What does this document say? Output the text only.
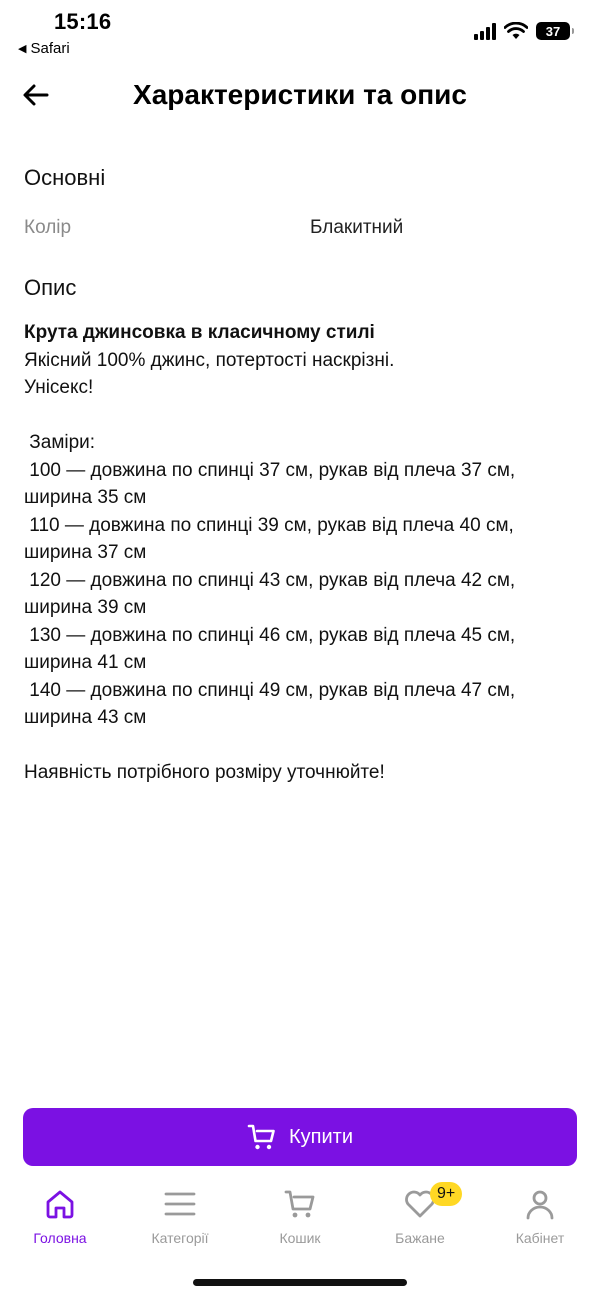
15:16
◀ Safari
37
Характеристики та опис
Основні
Колір	Блакитний
Опис
Крута джинсовка в класичному стилі
Якісний 100% джинс, потертості наскрізні.
Унісекс!
Заміри:
100 — довжина по спинці 37 см, рукав від плеча 37 см, ширина 35 см
110 — довжина по спинці 39 см, рукав від плеча 40 см, ширина 37 см
120 — довжина по спинці 43 см, рукав від плеча 42 см, ширина 39 см
130 — довжина по спинці 46 см, рукав від плеча 45 см, ширина 41 см
140 — довжина по спинці 49 см, рукав від плеча 47 см, ширина 43 см
Наявність потрібного розміру уточнюйте!
Купити
Головна	Категорії	Кошик
9+
Бажане	Кабінет
